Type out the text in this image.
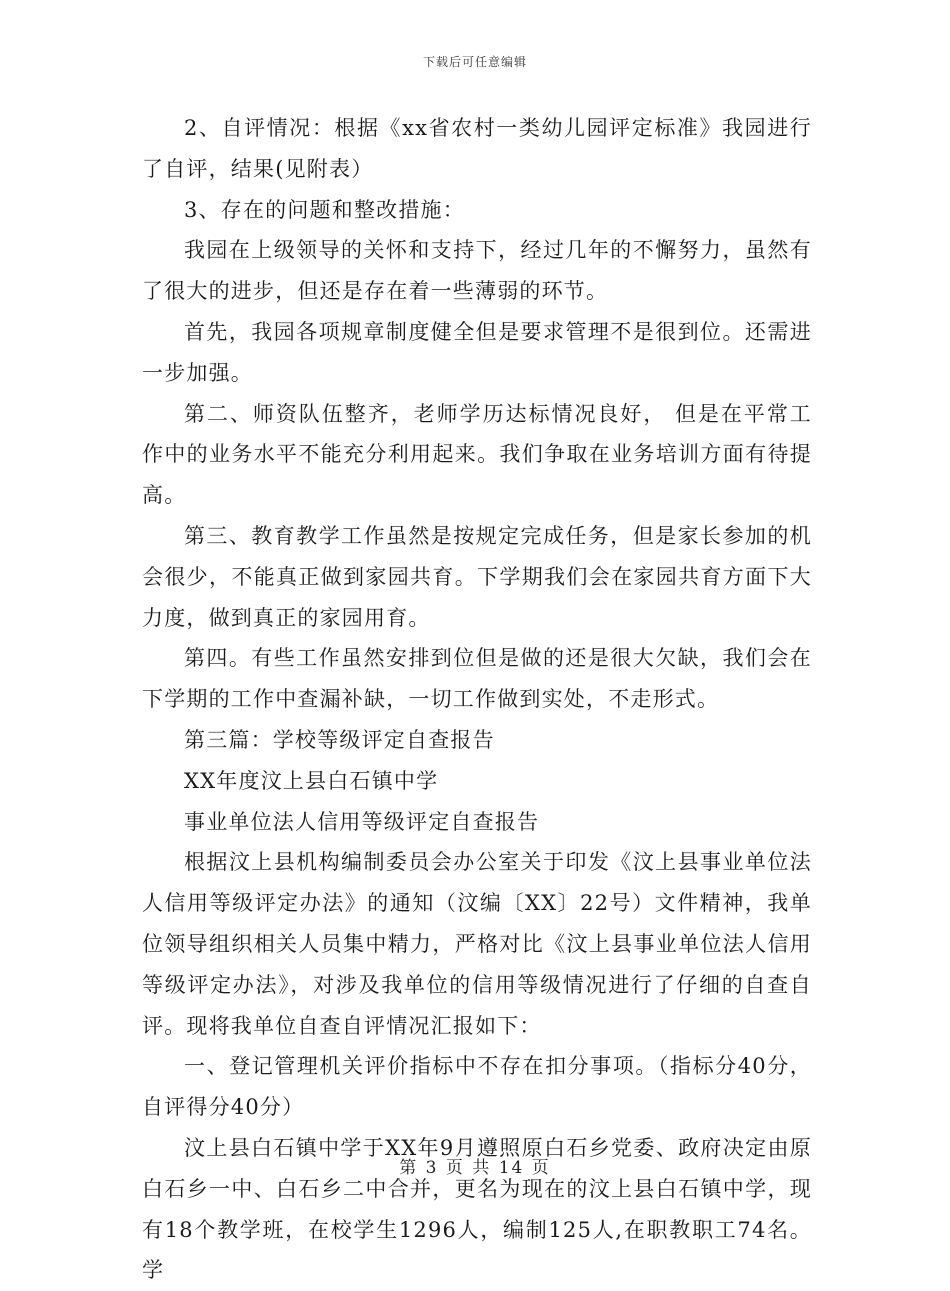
下载后可任意编辑

2、自评情况：根据《xx省农村一类幼儿园评定标准》我园进行了自评，结果(见附表）

3、存在的问题和整改措施：

我园在上级领导的关怀和支持下，经过几年的不懈努力，虽然有了很大的进步，但还是存在着一些薄弱的环节。

首先，我园各项规章制度健全但是要求管理不是很到位。还需进一步加强。

第二、师资队伍整齐，老师学历达标情况良好， 但是在平常工作中的业务水平不能充分利用起来。我们争取在业务培训方面有待提高。

第三、教育教学工作虽然是按规定完成任务，但是家长参加的机会很少，不能真正做到家园共育。下学期我们会在家园共育方面下大力度，做到真正的家园用育。

第四。有些工作虽然安排到位但是做的还是很大欠缺，我们会在下学期的工作中查漏补缺，一切工作做到实处，不走形式。

第三篇：学校等级评定自查报告

XX年度汶上县白石镇中学

事业单位法人信用等级评定自查报告

根据汶上县机构编制委员会办公室关于印发《汶上县事业单位法人信用等级评定办法》的通知（汶编〔XX〕22号）文件精神，我单位领导组织相关人员集中精力，严格对比《汶上县事业单位法人信用等级评定办法》，对涉及我单位的信用等级情况进行了仔细的自查自评。现将我单位自查自评情况汇报如下：

一、登记管理机关评价指标中不存在扣分事项。（指标分40分，自评得分40分）

汶上县白石镇中学于XX年9月遵照原白石乡党委、政府决定由原白石乡一中、白石乡二中合并，更名为现在的汶上县白石镇中学，现有18个教学班，在校学生1296人，编制125人,在职教职工74名。学

第 3 页 共 14 页
